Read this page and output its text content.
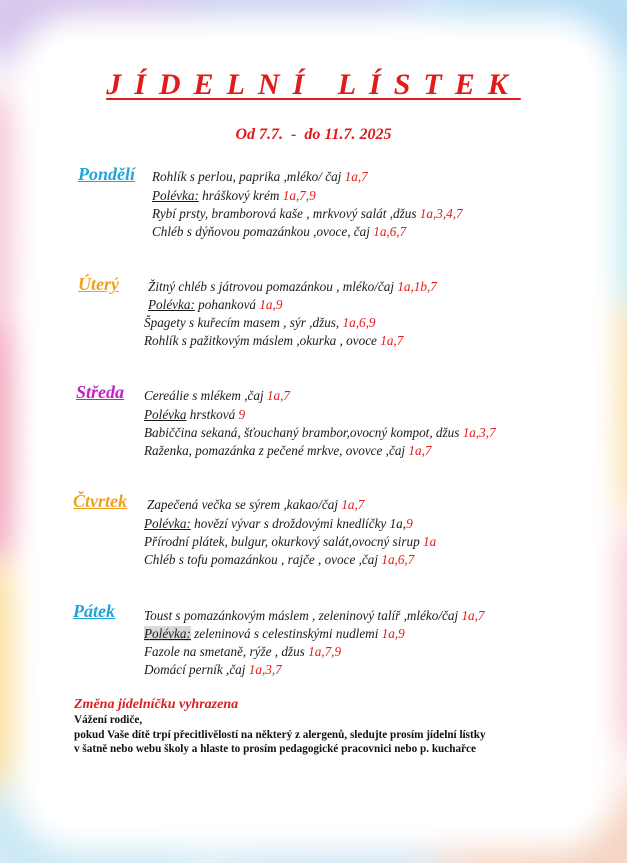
JÍDELNÍ LÍSTEK
Od 7.7.  -  do 11.7. 2025
Pondělí Rohlík s perlou, paprika ,mléko/ čaj 1a,7
Polévka: hráškový krém 1a,7,9
Rybí prsty, bramborová kaše , mrkvový salát ,džus 1a,3,4,7
Chléb s dýňovou pomazánkou ,ovoce, čaj 1a,6,7
Úterý Žitný chléb s játrovou pomazánkou , mléko/čaj 1a,1b,7
Polévka: pohanková 1a,9
Špagety s kuřecím masem , sýr ,džus, 1a,6,9
Rohlík s pažitkovým máslem ,okurka , ovoce 1a,7
Středa Cereálie s mlékem ,čaj 1a,7
Polévka hrstková 9
Babiččina sekaná, šťouchaný brambor,ovocný kompot, džus 1a,3,7
Raženka, pomazánka z pečené mrkve, ovovce ,čaj 1a,7
Čtvrtek Zapečená večka se sýrem ,kakao/čaj 1a,7
Polévka: hovězí vývar s droždovými knedlíčky 1a,9
Přírodní plátek, bulgur, okurkový salát,ovocný sirup 1a
Chléb s tofu pomazánkou , rajče , ovoce ,čaj 1a,6,7
Pátek Toust s pomazánkovým máslem , zeleninový talíř ,mléko/čaj 1a,7
Polévka: zeleninová s celestinskými nudlemi 1a,9
Fazole na smetaně, rýže , džus 1a,7,9
Domácí perník ,čaj 1a,3,7
Změna jídelníčku vyhrazena
Vážení rodiče,
pokud Vaše dítě trpí přecitlivělostí na některý z alergenů, sledujte prosím jídelní lístky
v šatně nebo webu školy a hlaste to prosím pedagogické pracovnici nebo p. kuchařce
